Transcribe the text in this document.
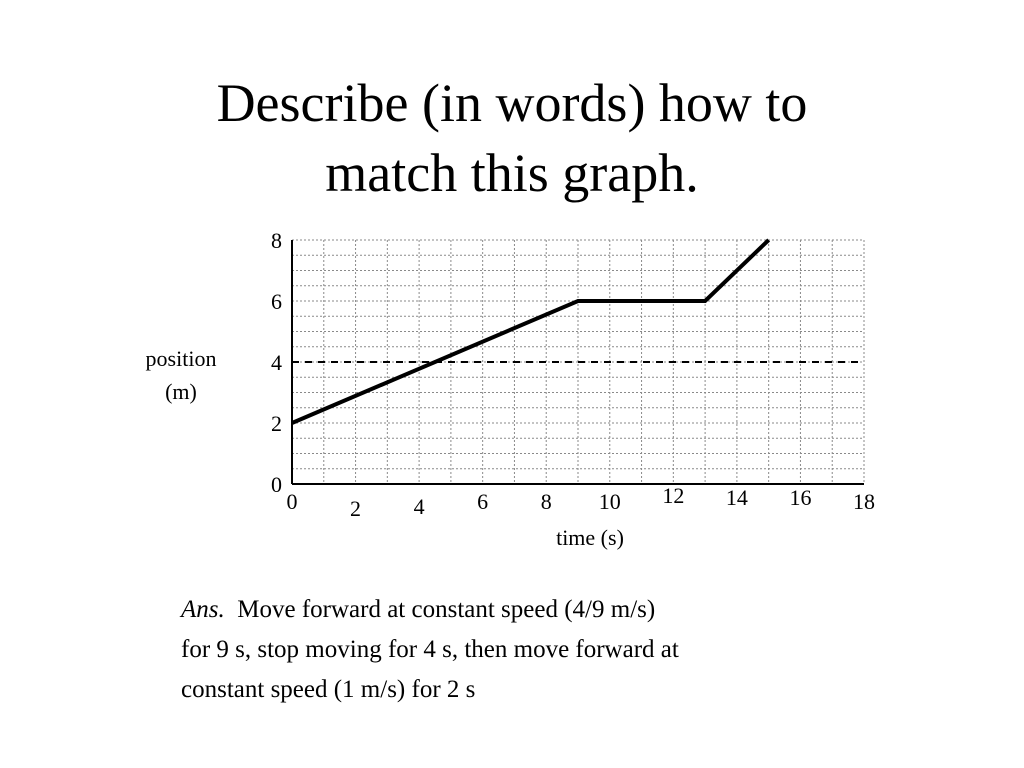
Describe (in words) how to
match this graph.
0
2
4
6
8
0 2 4 6 8 10 12 14 16 18
position
(m)
time (s)
Ans. Move forward at constant speed (4/9 m/s)
for 9 s, stop moving for 4 s, then move forward at
constant speed (1 m/s) for 2 s
